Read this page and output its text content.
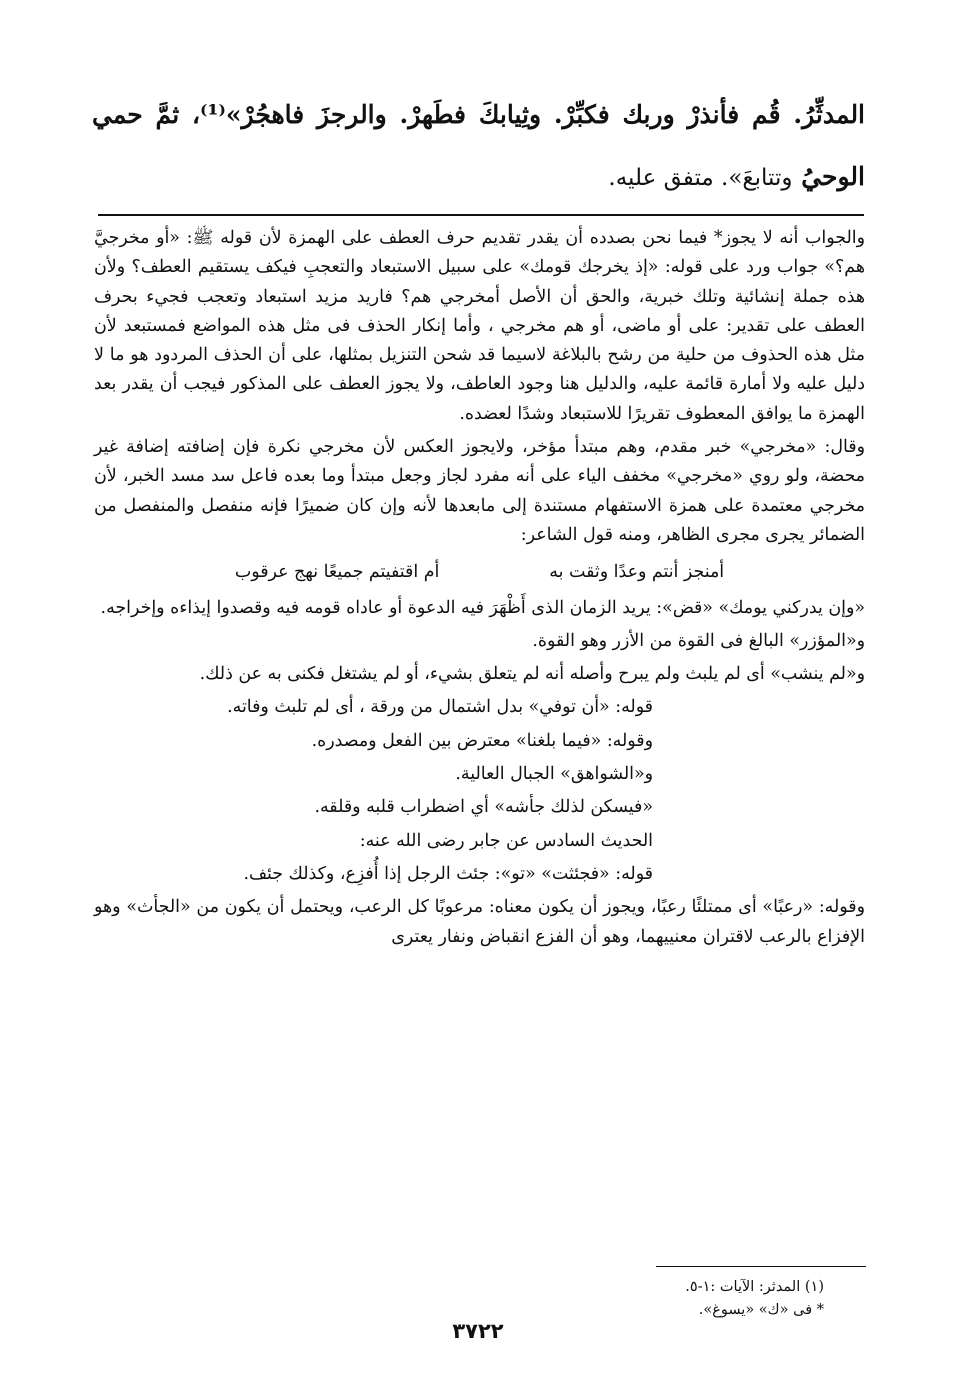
المدثِّرُ. قُم فأنذرْ وربك فكبِّرْ. وثِيابكَ فطَهرْ. والرجزَ فاهجُرْ»⁽¹⁾، ثمَّ حمي الوحيُ وتتابعَ». متفق عليه.

والجواب أنه لا يجوز* فيما نحن بصدده أن يقدر تقديم حرف العطف على الهمزة لأن قوله ﷺ: «أو مخرجيَّ هم؟» جواب ورد على قوله: «إذ يخرجك قومك» على سبيل الاستبعاد والتعجبِ فيكف يستقيم العطف؟ ولأن هذه جملة إنشائية وتلك خبرية، والحق أن الأصل أمخرجي هم؟ فاريد مزيد استبعاد وتعجب فجيء بحرف العطف على تقدير: على أو ماضى، أو هم مخرجي ، وأما إنكار الحذف فى مثل هذه المواضع فمستبعد لأن مثل هذه الحذوف من حلية من رشح بالبلاغة لاسيما قد شحن التنزيل بمثلها، على أن الحذف المردود هو ما لا دليل عليه ولا أمارة قائمة عليه، والدليل هنا وجود العاطف، ولا يجوز العطف على المذكور فيجب أن يقدر بعد الهمزة ما يوافق المعطوف تقريرًا للاستبعاد وشدًا لعضده.

وقال: «مخرجي» خبر مقدم، وهم مبتدأ مؤخر، ولايجوز العكس لأن مخرجي نكرة فإن إضافته إضافة غير محضة، ولو روي «مخرجي» مخفف الياء على أنه مفرد لجاز وجعل مبتدأ وما بعده فاعل سد مسد الخبر، لأن مخرجي معتمدة على همزة الاستفهام مستندة إلى مابعدها لأنه وإن كان ضميرًا فإنه منفصل والمنفصل من الضمائر يجرى مجرى الظاهر، ومنه قول الشاعر:

أمنجز أنتم وعدًا وثقت به
أم اقتفيتم جميعًا نهج عرقوب

«وإن يدركني يومك» «قض»: يريد الزمان الذى أَظْهَرَ فيه الدعوة أو عاداه قومه فيه وقصدوا إيذاءه وإخراجه.

و«المؤزر» البالغ فى القوة من الأزر وهو القوة.

و«لم ينشب» أى لم يلبث ولم يبرح وأصله أنه لم يتعلق بشيء، أو لم يشتغل فكنى به عن ذلك.

قوله: «أن توفي» بدل اشتمال من ورقة ، أى لم تلبث وفاته.

وقوله: «فيما بلغنا» معترض بين الفعل ومصدره.

و«الشواهق» الجبال العالية.

«فيسكن لذلك جأشه» أي اضطراب قلبه وقلقه.

الحديث السادس عن جابر رضى الله عنه:

قوله: «فجئثت» «تو»: جئث الرجل إذا أُفزِع، وكذلك جئف.

وقوله: «رعبًا» أى ممتلئًا رعبًا، ويجوز أن يكون معناه: مرعوبًا كل الرعب، ويحتمل أن يكون من «الجأث» وهو الإفزاع بالرعب لاقتران معنييهما، وهو أن الفزع انقباض ونفار يعترى

(١) المدثر: الآيات :١-٥.
* فى «ك» «يسوغ».
٣٧٢٢
